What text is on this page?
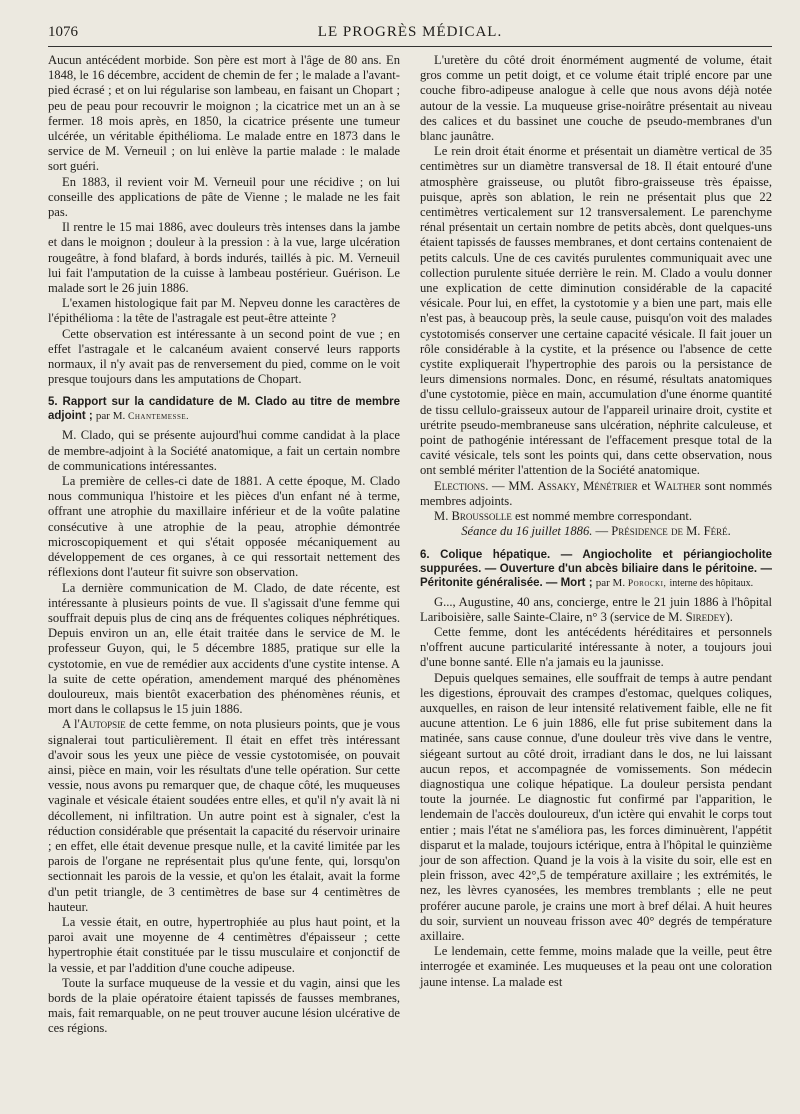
1076	LE PROGRÈS MÉDICAL.

Aucun antécédent morbide. Son père est mort à l'âge de 80 ans. En 1848, le 16 décembre, accident de chemin de fer ; le malade a l'avant-pied écrasé ; et on lui régularise son lambeau, en faisant un Chopart ; peu de peau pour recouvrir le moignon ; la cicatrice met un an à se fermer. 18 mois après, en 1850, la cicatrice présente une tumeur ulcérée, un véritable épithélioma. Le malade entre en 1873 dans le service de M. Verneuil ; on lui enlève la partie malade : le malade sort guéri.

En 1883, il revient voir M. Verneuil pour une récidive ; on lui conseille des applications de pâte de Vienne ; le malade ne les fait pas.

Il rentre le 15 mai 1886, avec douleurs très intenses dans la jambe et dans le moignon ; douleur à la pression : à la vue, large ulcération rougeâtre, à fond blafard, à bords indurés, taillés à pic. M. Verneuil lui fait l'amputation de la cuisse à lambeau postérieur. Guérison. Le malade sort le 26 juin 1886.

L'examen histologique fait par M. Nepveu donne les caractères de l'épithélioma : la tête de l'astragale est peut-être atteinte ?

Cette observation est intéressante à un second point de vue ; en effet l'astragale et le calcanéum avaient conservé leurs rapports normaux, il n'y avait pas de renversement du pied, comme on le voit presque toujours dans les amputations de Chopart.

5. Rapport sur la candidature de M. Clado au titre de membre adjoint ; par M. Chantemesse.

M. Clado, qui se présente aujourd'hui comme candidat à la place de membre-adjoint à la Société anatomique, a fait un certain nombre de communications intéressantes.

La première de celles-ci date de 1881. A cette époque, M. Clado nous communiqua l'histoire et les pièces d'un enfant né à terme, offrant une atrophie du maxillaire inférieur et de la voûte palatine consécutive à une atrophie de la peau, atrophie démontrée microscopiquement et qui s'était opposée mécaniquement au développement de ces organes, à ce qui ressortait nettement des réflexions dont l'auteur fit suivre son observation.

La dernière communication de M. Clado, de date récente, est intéressante à plusieurs points de vue. Il s'agissait d'une femme qui souffrait depuis plus de cinq ans de fréquentes coliques néphrétiques. Depuis environ un an, elle était traitée dans le service de M. le professeur Guyon, qui, le 5 décembre 1885, pratique sur elle la cystotomie, en vue de remédier aux accidents d'une cystite intense. A la suite de cette opération, amendement marqué des phénomènes douloureux, mais bientôt exacerbation des phénomènes réunis, et mort dans le collapsus le 15 juin 1886.

A l'Autopsie de cette femme, on nota plusieurs points, que je vous signalerai tout particulièrement. Il était en effet très intéressant d'avoir sous les yeux une pièce de vessie cystotomisée, on pouvait ainsi, pièce en main, voir les résultats d'une telle opération. Sur cette vessie, nous avons pu remarquer que, de chaque côté, les muqueuses vaginale et vésicale étaient soudées entre elles, et qu'il n'y avait là ni décollement, ni infiltration. Un autre point est à signaler, c'est la réduction considérable que présentait la capacité du réservoir urinaire ; en effet, elle était devenue presque nulle, et la cavité limitée par les parois de l'organe ne représentait plus qu'une fente, qui, lorsqu'on sectionnait les parois de la vessie, et qu'on les étalait, avait la forme d'un petit triangle, de 3 centimètres de base sur 4 centimètres de hauteur.

La vessie était, en outre, hypertrophiée au plus haut point, et la paroi avait une moyenne de 4 centimètres d'épaisseur ; cette hypertrophie était constituée par le tissu musculaire et conjonctif de la vessie, et par l'addition d'une couche adipeuse.

Toute la surface muqueuse de la vessie et du vagin, ainsi que les bords de la plaie opératoire étaient tapissés de fausses membranes, mais, fait remarquable, on ne peut trouver aucune lésion ulcérative de ces régions.

L'uretère du côté droit énormément augmenté de volume, était gros comme un petit doigt, et ce volume était triplé encore par une couche fibro-adipeuse analogue à celle que nous avons déjà notée autour de la vessie. La muqueuse grise-noirâtre présentait au niveau des calices et du bassinet une couche de pseudo-membranes d'un blanc jaunâtre.

Le rein droit était énorme et présentait un diamètre vertical de 35 centimètres sur un diamètre transversal de 18. Il était entouré d'une atmosphère graisseuse, ou plutôt fibro-graisseuse très épaisse, puisque, après son ablation, le rein ne présentait plus que 22 centimètres verticalement sur 12 transversalement. Le parenchyme rénal présentait un certain nombre de petits abcès, dont quelques-uns étaient tapissés de fausses membranes, et dont certains contenaient de petits calculs. Une de ces cavités purulentes communiquait avec une collection purulente située derrière le rein. M. Clado a voulu donner une explication de cette diminution considérable de la capacité vésicale. Pour lui, en effet, la cystotomie y a bien une part, mais elle n'est pas, à beaucoup près, la seule cause, puisqu'on voit des malades cystotomisés conserver une certaine capacité vésicale. Il fait jouer un rôle considérable à la cystite, et la présence ou l'absence de cette cystite expliquerait l'hypertrophie des parois ou la persistance de leurs dimensions normales. Donc, en résumé, résultats anatomiques d'une cystotomie, pièce en main, accumulation d'une énorme quantité de tissu cellulo-graisseux autour de l'appareil urinaire droit, cystite et urétrite pseudo-membraneuse sans ulcération, néphrite calculeuse, et point de pathogénie intéressant de l'effacement presque total de la cavité vésicale, tels sont les points qui, dans cette observation, nous ont semblé mériter l'attention de la Société anatomique.

Elections. — MM. Assaky, Ménétrier et Walther sont nommés membres adjoints.

M. Broussolle est nommé membre correspondant.

Séance du 16 juillet 1886. — Présidence de M. Féré.

6. Colique hépatique. — Angiocholite et périangiocholite suppurées. — Ouverture d'un abcès biliaire dans le péritoine. — Péritonite généralisée. — Mort ; par M. Porocki, interne des hôpitaux.

G..., Augustine, 40 ans, concierge, entre le 21 juin 1886 à l'hôpital Lariboisière, salle Sainte-Claire, n° 3 (service de M. Siredey).

Cette femme, dont les antécédents héréditaires et personnels n'offrent aucune particularité intéressante à noter, a toujours joui d'une bonne santé. Elle n'a jamais eu la jaunisse.

Depuis quelques semaines, elle souffrait de temps à autre pendant les digestions, éprouvait des crampes d'estomac, quelques coliques, auxquelles, en raison de leur intensité relativement faible, elle ne fit aucune attention. Le 6 juin 1886, elle fut prise subitement dans la matinée, sans cause connue, d'une douleur très vive dans le ventre, siégeant surtout au côté droit, irradiant dans le dos, ne lui laissant aucun repos, et accompagnée de vomissements. Son médecin diagnostiqua une colique hépatique. La douleur persista pendant toute la journée. Le diagnostic fut confirmé par l'apparition, le lendemain de l'accès douloureux, d'un ictère qui envahit le corps tout entier ; mais l'état ne s'améliora pas, les forces diminuèrent, l'appétit disparut et la malade, toujours ictérique, entra à l'hôpital le quinzième jour de son affection. Quand je la vois à la visite du soir, elle est en plein frisson, avec 42°,5 de température axillaire ; les extrémités, le nez, les lèvres cyanosées, les membres tremblants ; elle ne peut proférer aucune parole, je crains une mort à bref délai. A huit heures du soir, survient un nouveau frisson avec 40° degrés de température axillaire.

Le lendemain, cette femme, moins malade que la veille, peut être interrogée et examinée. Les muqueuses et la peau ont une coloration jaune intense. La malade est
